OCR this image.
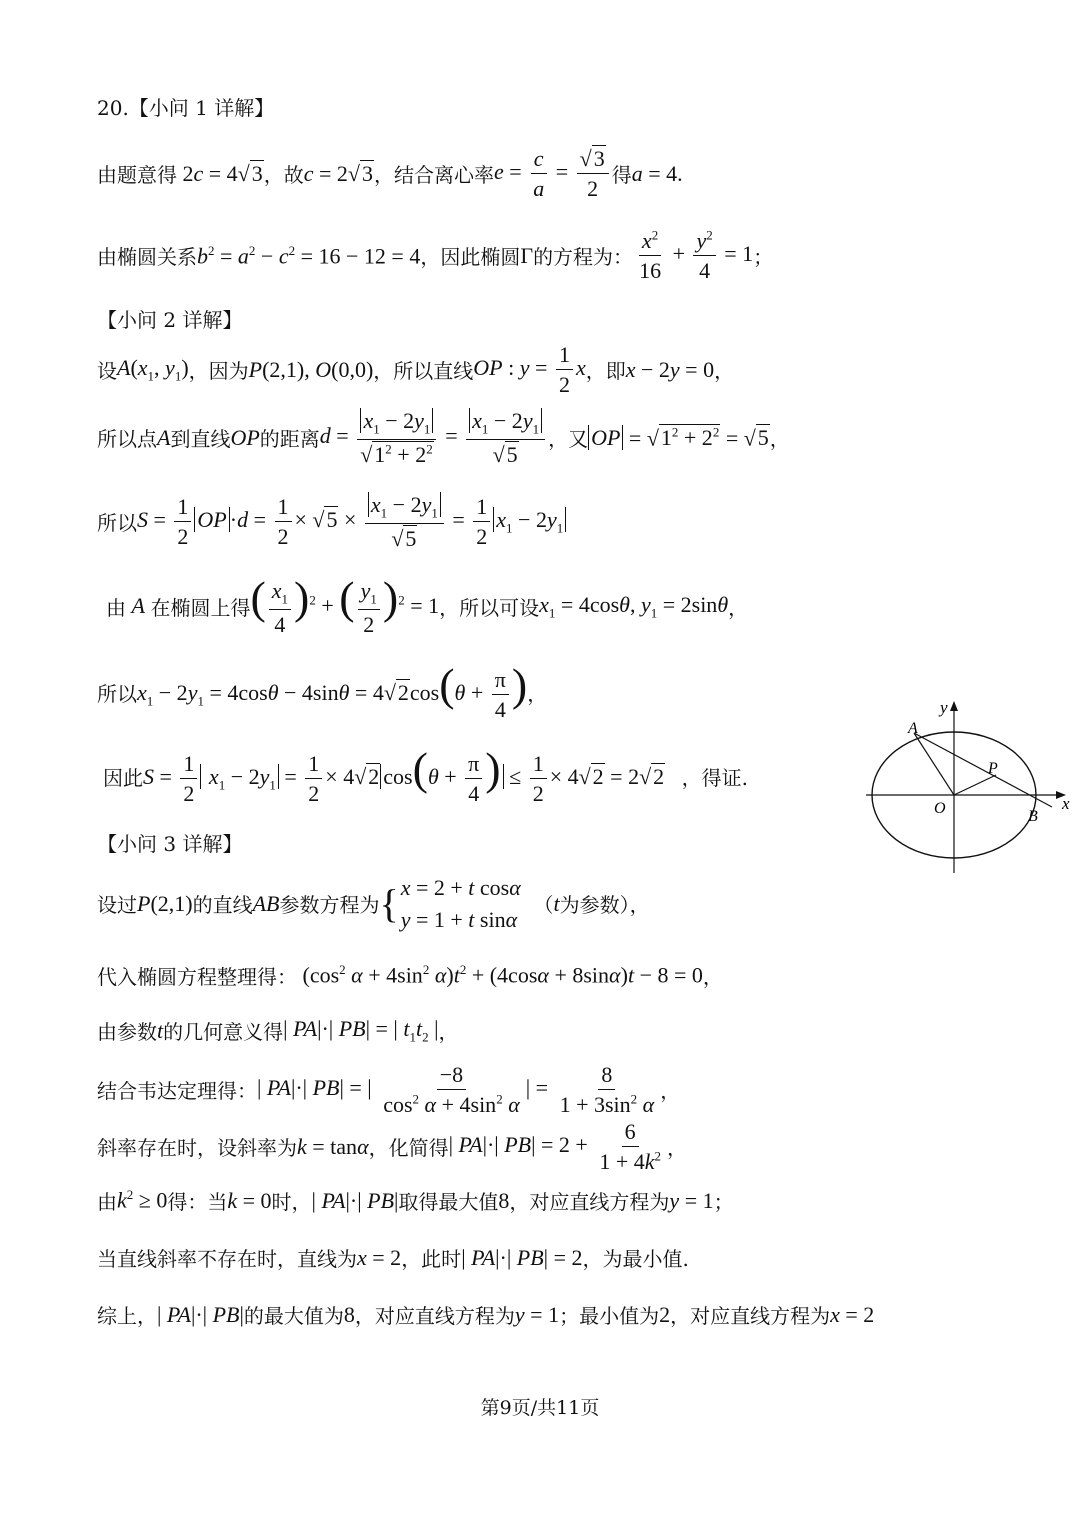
20.【小问 1 详解】
由题意得 2c = 4√3 ，故 c = 2√3 ，结合离心率 $e = \frac{c}{a} = \frac{√3}{2}$ 得 a = 4.
由椭圆关系 $b^2 = a^2 - c^2 = 16 - 12 = 4$ ，因此椭圆 Γ 的方程为： $\frac{x^2}{16} + \frac{y^2}{4} = 1$ ；
【小问 2 详解】
设 $A(x_1$, $y_1$) ，因为 P(2,1), O(0,0) ，所以直线 OP : $y = \frac{1}{2}$ x ，即 x − 2y = 0 ，
所以点 A 到直线 OP 的距离 $d = \frac{x_1 - 2y_1}{√1^2 + 2^2} = \frac{x_1 - 2y_1}{√5}$ ，又 OP = $√1^2 + 2^2 = √5$ ，
所以 $S = \frac{1}{2}$ OP $\cdot d = \frac{1}{2} \times √5 \times \frac{x_1 - 2y_1}{√5} = \frac{1}{2} x_1 - 2y_1$
由 A 在椭圆上得 ( $\frac{x_1}{4} )^2$ + ( $\frac{y_1}{2} )^2 = 1$ ，所以可设 $x_1 = 4\cos\theta$, $y_1 = 2\sin\theta$ ，
所以 $x_1 - 2y_1 = 4\cos\theta - 4\sin\theta = 4√2\cos(\theta + \frac{\pi}{4}$ ) ，
因此 $S = \frac{1}{2} x_1 - 2y_1 = \frac{1}{2} \times 4√2$ $\cos(\theta + \frac{\pi}{4}$ ) ≤ $\frac{1}{2} \times 4√2 = 2√2$ ，得证.
y
x
A
P
O	B
【小问 3 详解】
设过 P(2,1) 的直线 AB 参数方程为 { x = 2 + t cosα
y = 1 + t sinα

（ t 为参数），
代入椭圆方程整理得： ($\cos^2$ $\alpha + 4\sin^2$ $\alpha)t^2 + (4\cos\alpha + 8\sin\alpha)t - 8 = 0$ ，
由参数 t 的几何意义得 | PA|·| PB| = | $t_1t_2$ | ，
结合韦达定理得： | PA|·| PB| = | $\frac{-8}{\cos^2 \alpha + 4\sin^2 \alpha}$ | = $\frac{8}{1 + 3\sin^2 \alpha}$ ，
斜率存在时，设斜率为 k = tanα ，化简得 | PA|·| $PB| = 2 + \frac{6}{1 + 4k^2}$ ，
由 $k^2 \ge 0$ 得：当 k = 0 时， | PA|·| PB| 取得最大值 8 ，对应直线方程为 y = 1 ；
当直线斜率不存在时，直线为 x = 2 ，此时 | PA|·| PB| = 2 ，为最小值.
综上， | PA|·| PB| 的最大值为 8 ，对应直线方程为 y = 1 ；最小值为 2 ，对应直线方程为 x = 2
第9页/共11页
